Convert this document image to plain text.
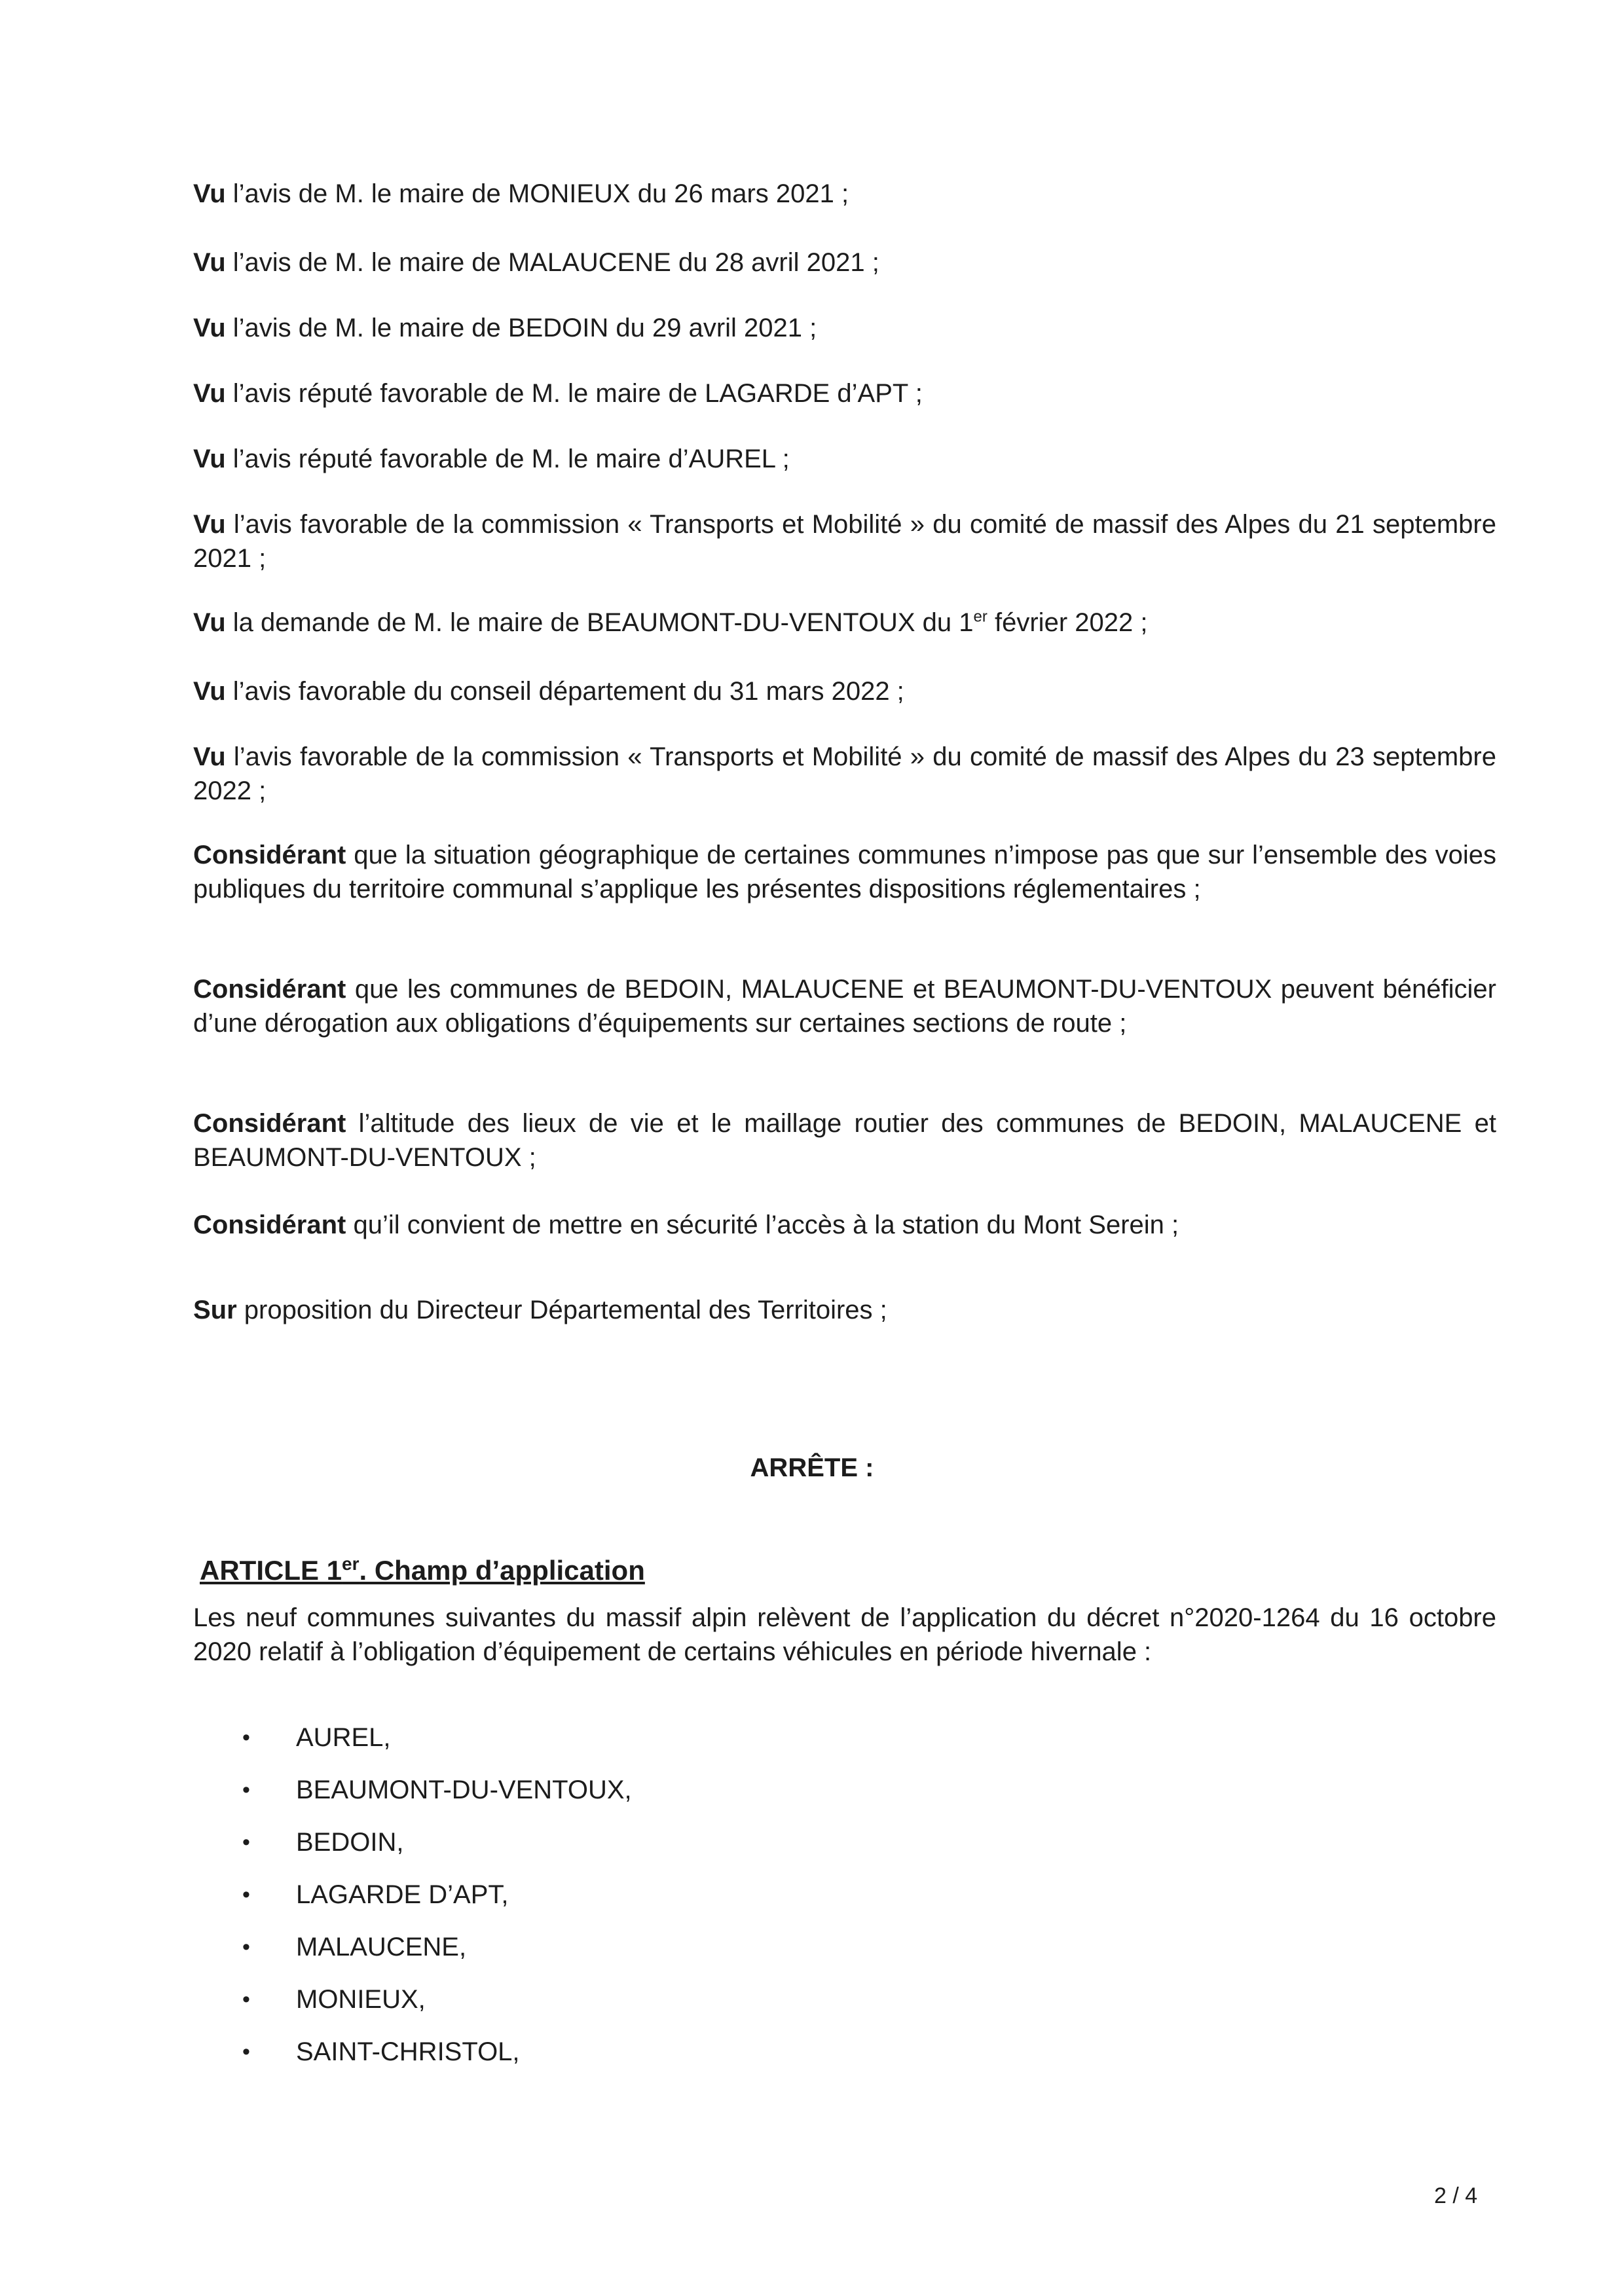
Vu l’avis de M. le maire de MONIEUX du 26 mars 2021 ;

Vu l’avis de M. le maire de MALAUCENE du 28 avril 2021 ;

Vu l’avis de M. le maire de BEDOIN du 29 avril 2021 ;

Vu l’avis réputé favorable de M. le maire de LAGARDE d’APT ;

Vu l’avis réputé favorable de M. le maire d’AUREL ;

Vu l’avis favorable de la commission « Transports et Mobilité » du comité de massif des Alpes du 21 septembre 2021 ;

Vu la demande de M. le maire de BEAUMONT-DU-VENTOUX du 1er février 2022 ;

Vu l’avis favorable du conseil département du 31 mars 2022 ;

Vu l’avis favorable de la commission « Transports et Mobilité » du comité de massif des Alpes du 23 septembre 2022 ;

Considérant que la situation géographique de certaines communes n’impose pas que sur l’ensemble des voies publiques du territoire communal s’applique les présentes dispositions réglementaires ;

Considérant que les communes de BEDOIN, MALAUCENE et BEAUMONT-DU-VENTOUX peuvent bénéficier d’une dérogation aux obligations d’équipements sur certaines sections de route ;

Considérant l’altitude des lieux de vie et le maillage routier des communes de BEDOIN, MALAUCENE et BEAUMONT-DU-VENTOUX ;

Considérant qu’il convient de mettre en sécurité l’accès à la station du Mont Serein ;

Sur proposition du Directeur Départemental des Territoires ;

ARRÊTE :

ARTICLE 1er. Champ d’application

Les neuf communes suivantes du massif alpin relèvent de l’application du décret n°2020-1264 du 16 octobre 2020 relatif à l’obligation d’équipement de certains véhicules en période hivernale :

•	AUREL,
•	BEAUMONT-DU-VENTOUX,
•	BEDOIN,
•	LAGARDE D’APT,
•	MALAUCENE,
•	MONIEUX,
•	SAINT-CHRISTOL,

2 / 4
